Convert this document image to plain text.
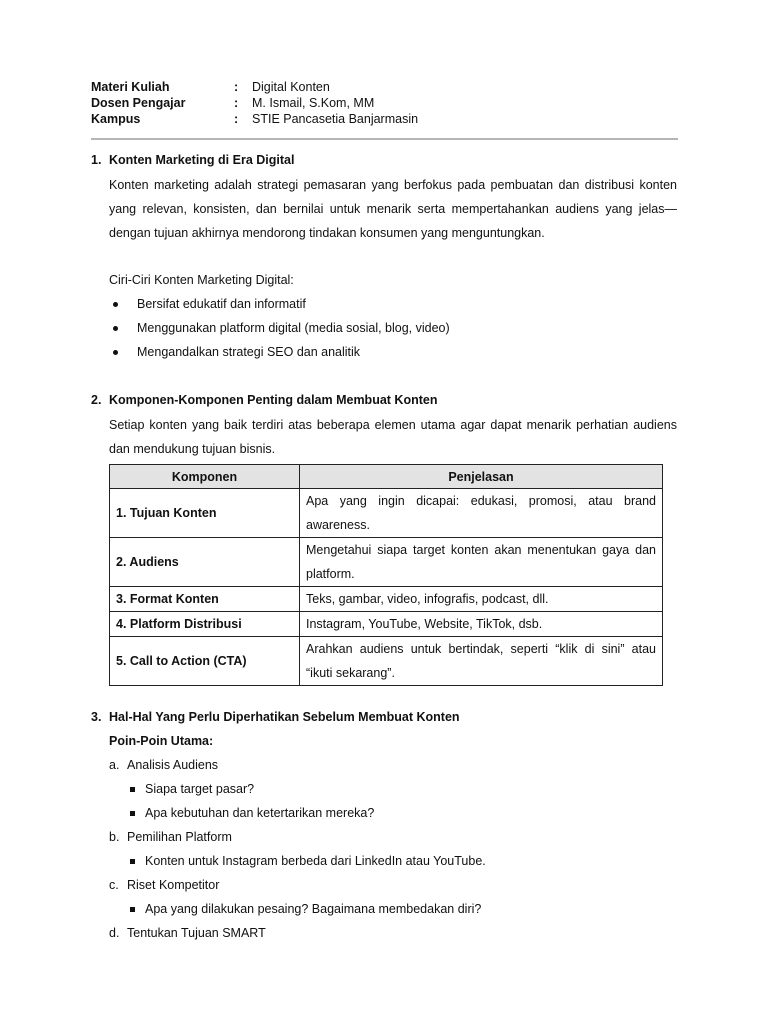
Materi Kuliah	: Digital Konten
Dosen Pengajar	: M. Ismail, S.Kom, MM
Kampus	: STIE Pancasetia Banjarmasin
1. Konten Marketing di Era Digital
Konten marketing adalah strategi pemasaran yang berfokus pada pembuatan dan distribusi konten yang relevan, konsisten, dan bernilai untuk menarik serta mempertahankan audiens yang jelas—dengan tujuan akhirnya mendorong tindakan konsumen yang menguntungkan.
Ciri-Ciri Konten Marketing Digital:
Bersifat edukatif dan informatif
Menggunakan platform digital (media sosial, blog, video)
Mengandalkan strategi SEO dan analitik
2. Komponen-Komponen Penting dalam Membuat Konten
Setiap konten yang baik terdiri atas beberapa elemen utama agar dapat menarik perhatian audiens dan mendukung tujuan bisnis.
Komponen	Penjelasan
1. Tujuan Konten	Apa yang ingin dicapai: edukasi, promosi, atau brand awareness.
2. Audiens	Mengetahui siapa target konten akan menentukan gaya dan platform.
3. Format Konten	Teks, gambar, video, infografis, podcast, dll.
4. Platform Distribusi	Instagram, YouTube, Website, TikTok, dsb.
5. Call to Action (CTA)	Arahkan audiens untuk bertindak, seperti “klik di sini” atau “ikuti sekarang”.
3. Hal-Hal Yang Perlu Diperhatikan Sebelum Membuat Konten
Poin-Poin Utama:
a. Analisis Audiens
Siapa target pasar?
Apa kebutuhan dan ketertarikan mereka?
b. Pemilihan Platform
Konten untuk Instagram berbeda dari LinkedIn atau YouTube.
c. Riset Kompetitor
Apa yang dilakukan pesaing? Bagaimana membedakan diri?
d. Tentukan Tujuan SMART
